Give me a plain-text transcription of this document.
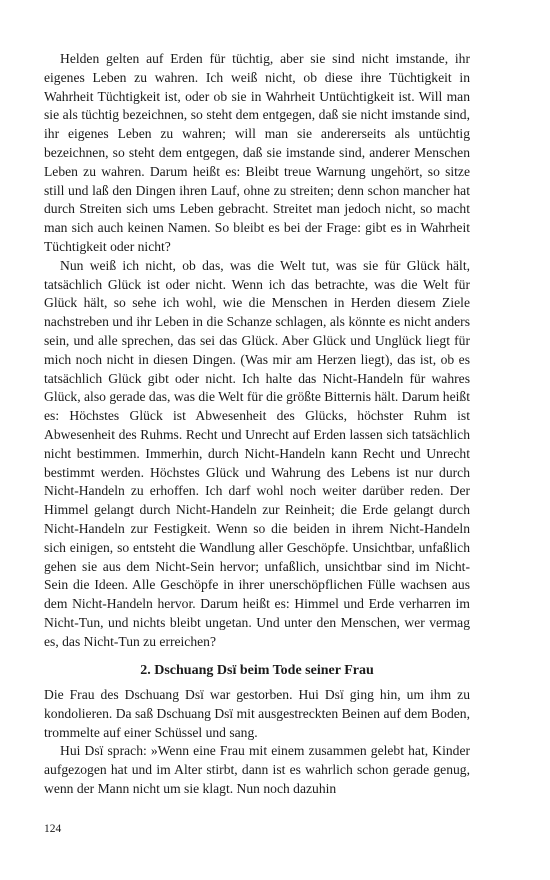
Helden gelten auf Erden für tüchtig, aber sie sind nicht imstande, ihr eigenes Leben zu wahren. Ich weiß nicht, ob diese ihre Tüchtigkeit in Wahrheit Tüchtigkeit ist, oder ob sie in Wahrheit Untüchtigkeit ist. Will man sie als tüchtig bezeichnen, so steht dem entgegen, daß sie nicht imstande sind, ihr eigenes Leben zu wahren; will man sie andererseits als untüchtig bezeichnen, so steht dem entgegen, daß sie imstande sind, anderer Menschen Leben zu wahren. Darum heißt es: Bleibt treue Warnung ungehört, so sitze still und laß den Dingen ihren Lauf, ohne zu streiten; denn schon mancher hat durch Streiten sich ums Leben gebracht. Streitet man jedoch nicht, so macht man sich auch keinen Namen. So bleibt es bei der Frage: gibt es in Wahrheit Tüchtigkeit oder nicht?

Nun weiß ich nicht, ob das, was die Welt tut, was sie für Glück hält, tatsächlich Glück ist oder nicht. Wenn ich das betrachte, was die Welt für Glück hält, so sehe ich wohl, wie die Menschen in Herden diesem Ziele nachstreben und ihr Leben in die Schanze schlagen, als könnte es nicht anders sein, und alle sprechen, das sei das Glück. Aber Glück und Unglück liegt für mich noch nicht in diesen Dingen. (Was mir am Herzen liegt), das ist, ob es tatsächlich Glück gibt oder nicht. Ich halte das Nicht-Handeln für wahres Glück, also gerade das, was die Welt für die größte Bitternis hält. Darum heißt es: Höchstes Glück ist Abwesenheit des Glücks, höchster Ruhm ist Abwesenheit des Ruhms. Recht und Unrecht auf Erden lassen sich tatsächlich nicht bestimmen. Immerhin, durch Nicht-Handeln kann Recht und Unrecht bestimmt werden. Höchstes Glück und Wahrung des Lebens ist nur durch Nicht-Handeln zu erhoffen. Ich darf wohl noch weiter darüber reden. Der Himmel gelangt durch Nicht-Handeln zur Reinheit; die Erde gelangt durch Nicht-Handeln zur Festigkeit. Wenn so die beiden in ihrem Nicht-Handeln sich einigen, so entsteht die Wandlung aller Geschöpfe. Unsichtbar, unfaßlich gehen sie aus dem Nicht-Sein hervor; unfaßlich, unsichtbar sind im Nicht-Sein die Ideen. Alle Geschöpfe in ihrer unerschöpflichen Fülle wachsen aus dem Nicht-Handeln hervor. Darum heißt es: Himmel und Erde verharren im Nicht-Tun, und nichts bleibt ungetan. Und unter den Menschen, wer vermag es, das Nicht-Tun zu erreichen?

2. Dschuang Dsï beim Tode seiner Frau

Die Frau des Dschuang Dsï war gestorben. Hui Dsï ging hin, um ihm zu kondolieren. Da saß Dschuang Dsï mit ausgestreckten Beinen auf dem Boden, trommelte auf einer Schüssel und sang.

Hui Dsï sprach: »Wenn eine Frau mit einem zusammen gelebt hat, Kinder aufgezogen hat und im Alter stirbt, dann ist es wahrlich schon gerade genug, wenn der Mann nicht um sie klagt. Nun noch dazuhin

124
